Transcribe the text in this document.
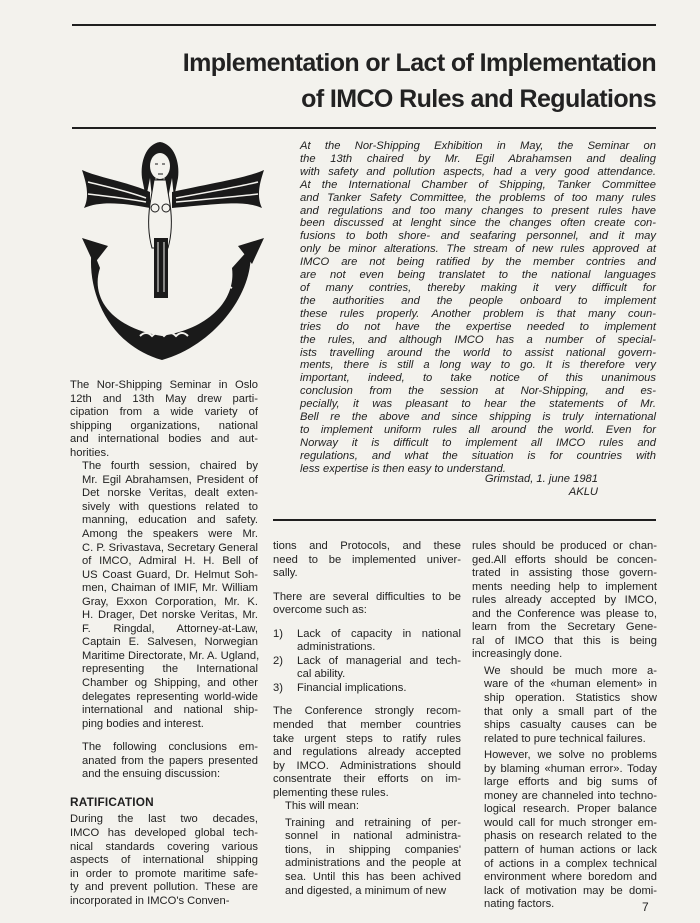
Implementation or Lact of Implementation
of IMCO Rules and Regulations
At the Nor-Shipping Exhibition in May, the Seminar on
the 13th chaired by Mr. Egil Abrahamsen and dealing
with safety and pollution aspects, had a very good attendance.
At the International Chamber of Shipping, Tanker Committee
and Tanker Safety Committee, the problems of too many rules
and regulations and too many changes to present rules have
been discussed at lenght since the changes often create con-
fusions to both shore- and seafaring personnel, and it may
only be minor alterations. The stream of new rules approved at
IMCO are not being ratified by the member contries and
are not even being translatet to the national languages
of many contries, thereby making it very difficult for
the authorities and the people onboard to implement
these rules properly. Another problem is that many coun-
tries do not have the expertise needed to implement
the rules, and although IMCO has a number of special-
ists travelling around the world to assist national govern-
ments, there is still a long way to go. It is therefore very
important, indeed, to take notice of this unanimous
conclusion from the session at Nor-Shipping, and es-
pecially, it was pleasant to hear the statements of Mr.
Bell re the above and since shipping is truly international
to implement uniform rules all around the world. Even for
Norway it is difficult to implement all IMCO rules and
regulations, and what the situation is for countries with
less expertise is then easy to understand.
Grimstad, 1. june 1981
AKLU

The Nor-Shipping Seminar in Oslo
12th and 13th May drew parti-
cipation from a wide variety of
shipping organizations, national
and international bodies and aut-
horities.

The fourth session, chaired by
Mr. Egil Abrahamsen, President of
Det norske Veritas, dealt exten-
sively with questions related to
manning, education and safety.
Among the speakers were Mr.
C. P. Srivastava, Secretary General
of IMCO, Admiral H. H. Bell of
US Coast Guard, Dr. Helmut Soh-
men, Chaiman of IMIF, Mr. William
Gray, Exxon Corporation, Mr. K.
H. Drager, Det norske Veritas, Mr.
F. Ringdal, Attorney-at-Law,
Captain E. Salvesen, Norwegian
Maritime Directorate, Mr. A. Ugland,
representing the International
Chamber og Shipping, and other
delegates representing world-wide
international and national ship-
ping bodies and interest.

The following conclusions em-
anated from the papers presented
and the ensuing discussion:

RATIFICATION

During the last two decades,
IMCO has developed global tech-
nical standards covering various
aspects of international shipping
in order to promote maritime safe-
ty and prevent pollution. These are
incorporated in IMCO's Conven-

tions and Protocols, and these
need to be implemented univer-
sally.

There are several difficulties to be
overcome such as:

1)	Lack of capacity in national
administrations.
2)	Lack of managerial and tech-
cal ability.
3)	Financial implications.

The Conference strongly recom-
mended that member countries
take urgent steps to ratify rules
and regulations already accepted
by IMCO. Administrations should
consentrate their efforts on im-
plementing these rules.

This will mean:

Training and retraining of per-
sonnel in national administra-
tions, in shipping companies'
administrations and the people at
sea. Until this has been achived
and digested, a minimum of new

rules should be produced or chan-
ged.All efforts should be concen-
trated in assisting those govern-
ments needing help to implement
rules already accepted by IMCO,
and the Conference was please to,
learn from the Secretary Gene-
ral of IMCO that this is being
increasingly done.

We should be much more a-
ware of the «human element» in
ship operation. Statistics show
that only a small part of the
ships casualty causes can be
related to pure technical failures.

However, we solve no problems
by blaming «human error». Today
large efforts and big sums of
money are channeled into techno-
logical research. Proper balance
would call for much stronger em-
phasis on research related to the
pattern of human actions or lack
of actions in a complex technical
environment where boredom and
lack of motivation may be domi-
nating factors.	7
